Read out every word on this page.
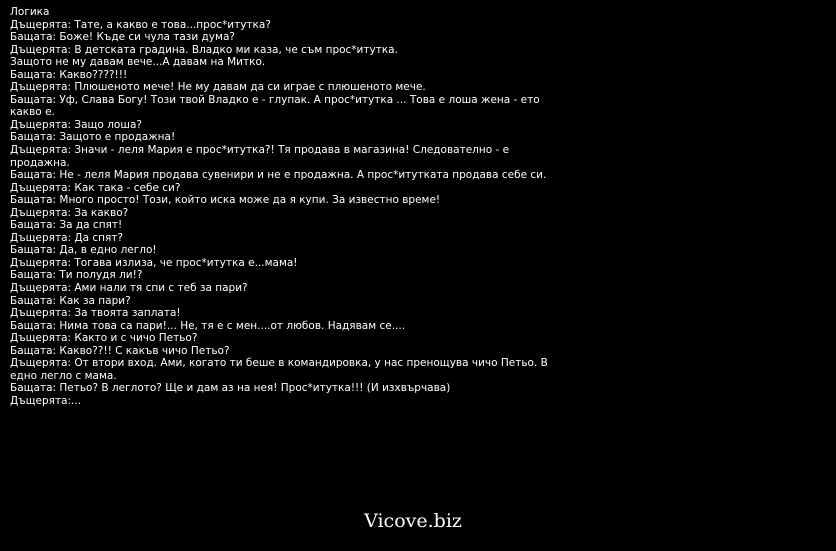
Логика
Дъщерята: Тате, а какво е това...прос*итутка?
Бащата: Боже! Къде си чула тази дума?
Дъщерята: В детската градина. Владко ми каза, че съм прос*итутка.
Защото не му давам вече...А давам на Митко.
Бащата: Какво????!!!
Дъщерята: Плюшеното мече! Не му давам да си играе с плюшеното мече.
Бащата: Уф, Слава Богу! Този твой Владко е - глупак. А прос*итутка ... Това е лоша жена - ето какво е.
Дъщерята: Защо лоша?
Бащата: Защото е продажна!
Дъщерята: Значи - леля Мария е прос*итутка?! Тя продава в магазина! Следователно - е продажна.
Бащата: Не - леля Мария продава сувенири и не е продажна. А прос*итутката продава себе си.
Дъщерята: Как така - себе си?
Бащата: Много просто! Този, който иска може да я купи. За известно време!
Дъщерята: За какво?
Бащата: За да спят!
Дъщерята: Да спят?
Бащата: Да, в едно легло!
Дъщерята: Тогава излиза, че прос*итутка е...мама!
Бащата: Ти полудя ли!?
Дъщерята: Ами нали тя спи с теб за пари?
Бащата: Как за пари?
Дъщерята: За твоята заплата!
Бащата: Нима това са пари!... Не, тя е с мен....от любов. Надявам се....
Дъщерята: Както и с чичо Петьо?
Бащата: Какво??!! С какъв чичо Петьо?
Дъщерята: От втори вход. Ами, когато ти беше в командировка, у нас пренощува чичо Петьо. В едно легло с мама.
Бащата: Петьо? В леглото? Ще и дам аз на нея! Прос*итутка!!! (И изхвърчава)
Дъщерята:...
Vicove.biz
